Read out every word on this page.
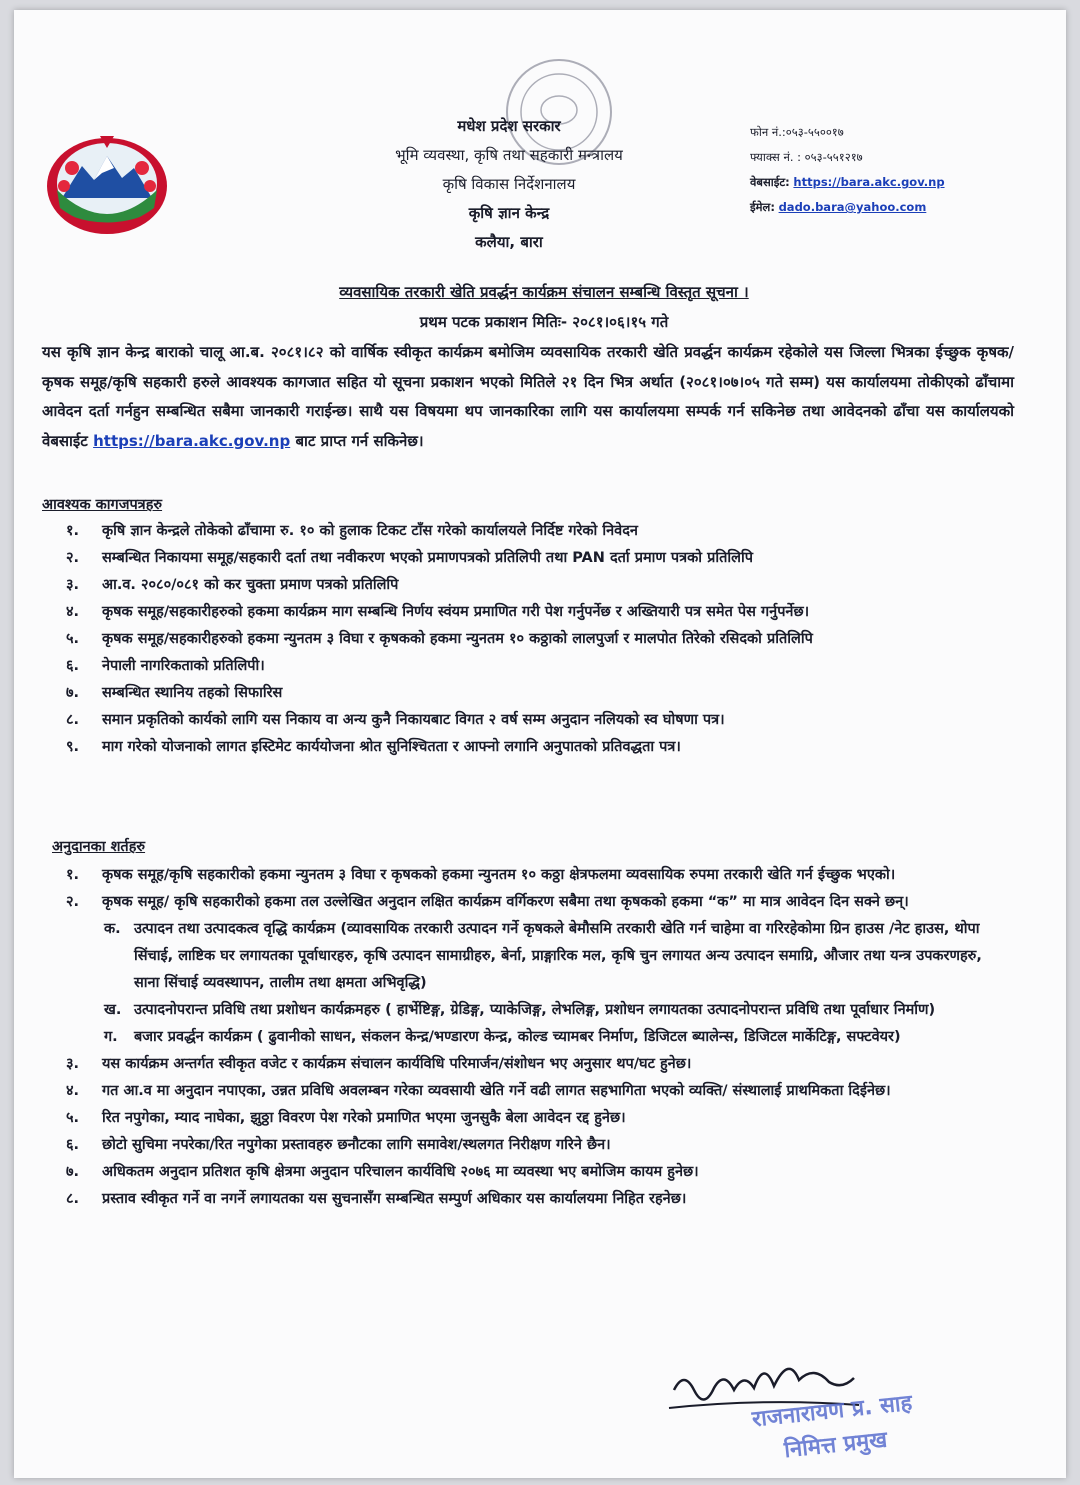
मधेश प्रदेश सरकार
भूमि व्यवस्था, कृषि तथा सहकारी मन्त्रालय
कृषि विकास निर्देशनालय
कृषि ज्ञान केन्द्र
कलैया, बारा
फोन नं.:०५३-५५००१७
फ्याक्स नं. : ०५३-५५१२१७
वेबसाईट: https://bara.akc.gov.np
ईमेल: dado.bara@yahoo.com
व्यवसायिक तरकारी खेति प्रवर्द्धन कार्यक्रम संचालन सम्बन्धि विस्तृत सूचना ।
प्रथम पटक प्रकाशन मितिः- २०८१।०६।१५ गते
यस कृषि ज्ञान केन्द्र बाराको चालू आ.ब. २०८१।८२ को वार्षिक स्वीकृत कार्यक्रम बमोजिम व्यवसायिक तरकारी खेति प्रवर्द्धन कार्यक्रम रहेकोले यस जिल्ला भित्रका ईच्छुक कृषक/कृषक समूह/कृषि सहकारी हरुले आवश्यक कागजात सहित यो सूचना प्रकाशन भएको मितिले २१ दिन भित्र अर्थात (२०८१।०७।०५ गते सम्म) यस कार्यालयमा तोकीएको ढाँचामा आवेदन दर्ता गर्नहुन सम्बन्धित सबैमा जानकारी गराईन्छ। साथै यस विषयमा थप जानकारिका लागि यस कार्यालयमा सम्पर्क गर्न सकिनेछ तथा आवेदनको ढाँचा यस कार्यालयको वेबसाईट https://bara.akc.gov.np बाट प्राप्त गर्न सकिनेछ।
आवश्यक कागजपत्रहरु
१.	कृषि ज्ञान केन्द्रले तोकेको ढाँचामा रु. १० को हुलाक टिकट टाँस गरेको कार्यालयले निर्दिष्ट गरेको निवेदन
२.	सम्बन्धित निकायमा समूह/सहकारी दर्ता तथा नवीकरण भएको प्रमाणपत्रको प्रतिलिपी तथा PAN दर्ता प्रमाण पत्रको प्रतिलिपि
३.	आ.व. २०८०/०८१ को कर चुक्ता प्रमाण पत्रको प्रतिलिपि
४.	कृषक समूह/सहकारीहरुको हकमा कार्यक्रम माग सम्बन्धि निर्णय स्वंयम प्रमाणित गरी पेश गर्नुपर्नेछ र अख्तियारी पत्र समेत पेस गर्नुपर्नेछ।
५.	कृषक समूह/सहकारीहरुको हकमा न्युनतम ३ विघा र कृषकको हकमा न्युनतम १० कठ्ठाको लालपुर्जा र मालपोत तिरेको रसिदको प्रतिलिपि
६.	नेपाली नागरिकताको प्रतिलिपी।
७.	सम्बन्धित स्थानिय तहको सिफारिस
८.	समान प्रकृतिको कार्यको लागि यस निकाय वा अन्य कुनै निकायबाट विगत २ वर्ष सम्म अनुदान नलियको स्व घोषणा पत्र।
९.	माग गरेको योजनाको लागत इस्टिमेट कार्ययोजना श्रोत सुनिश्चितता र आफ्नो लगानि अनुपातको प्रतिवद्धता पत्र।
अनुदानका शर्तहरु
१.	कृषक समूह/कृषि सहकारीको हकमा न्युनतम ३ विघा र कृषकको हकमा न्युनतम १० कठ्ठा क्षेत्रफलमा व्यवसायिक रुपमा तरकारी खेति गर्न ईच्छुक भएको।
२.	कृषक समूह/ कृषि सहकारीको हकमा तल उल्लेखित अनुदान लक्षित कार्यक्रम वर्गिकरण सबैमा तथा कृषकको हकमा “क” मा मात्र आवेदन दिन सक्ने छन्।
क. उत्पादन तथा उत्पादकत्व वृद्धि कार्यक्रम (व्यावसायिक तरकारी उत्पादन गर्ने कृषकले बेमौसमि तरकारी खेति गर्न चाहेमा वा गरिरहेकोमा ग्रिन हाउस /नेट हाउस, थोपा सिंचाई, लाष्टिक घर लगायतका पूर्वाधारहरु, कृषि उत्पादन सामाग्रीहरु, बेर्ना, प्राङ्गारिक मल, कृषि चुन लगायत अन्य उत्पादन समाग्रि, औजार तथा यन्त्र उपकरणहरु, साना सिंचाई व्यवस्थापन, तालीम तथा क्षमता अभिवृद्धि)
ख. उत्पादनोपरान्त प्रविधि तथा प्रशोधन कार्यक्रमहरु ( हार्भेष्टिङ्ग, ग्रेडिङ्ग, प्याकेजिङ्ग, लेभलिङ्ग, प्रशोधन लगायतका उत्पादनोपरान्त प्रविधि तथा पूर्वाधार निर्माण)
ग. बजार प्रवर्द्धन कार्यक्रम ( ढुवानीको साधन, संकलन केन्द्र/भण्डारण केन्द्र, कोल्ड च्यामबर निर्माण, डिजिटल ब्यालेन्स, डिजिटल मार्केटिङ्ग, सफ्टवेयर)
३.	यस कार्यक्रम अन्तर्गत स्वीकृत वजेट र कार्यक्रम संचालन कार्यविधि परिमार्जन/संशोधन भए अनुसार थप/घट हुनेछ।
४.	गत आ.व मा अनुदान नपाएका, उन्नत प्रविधि अवलम्बन गरेका व्यवसायी खेति गर्ने वढी लागत सहभागिता भएको व्यक्ति/ संस्थालाई प्राथमिकता दिईनेछ।
५.	रित नपुगेका, म्याद नाघेका, झुठ्ठा विवरण पेश गरेको प्रमाणित भएमा जुनसुकै बेला आवेदन रद्द हुनेछ।
६.	छोटो सुचिमा नपरेका/रित नपुगेका प्रस्तावहरु छनौटका लागि समावेश/स्थलगत निरीक्षण गरिने छैन।
७.	अधिकतम अनुदान प्रतिशत कृषि क्षेत्रमा अनुदान परिचालन कार्यविधि २०७६ मा व्यवस्था भए बमोजिम कायम हुनेछ।
८.	प्रस्ताव स्वीकृत गर्ने वा नगर्ने लगायतका यस सुचनासँग सम्बन्धित सम्पुर्ण अधिकार यस कार्यालयमा निहित रहनेछ।
राजनारायण प्र. साह
निमित्त प्रमुख
